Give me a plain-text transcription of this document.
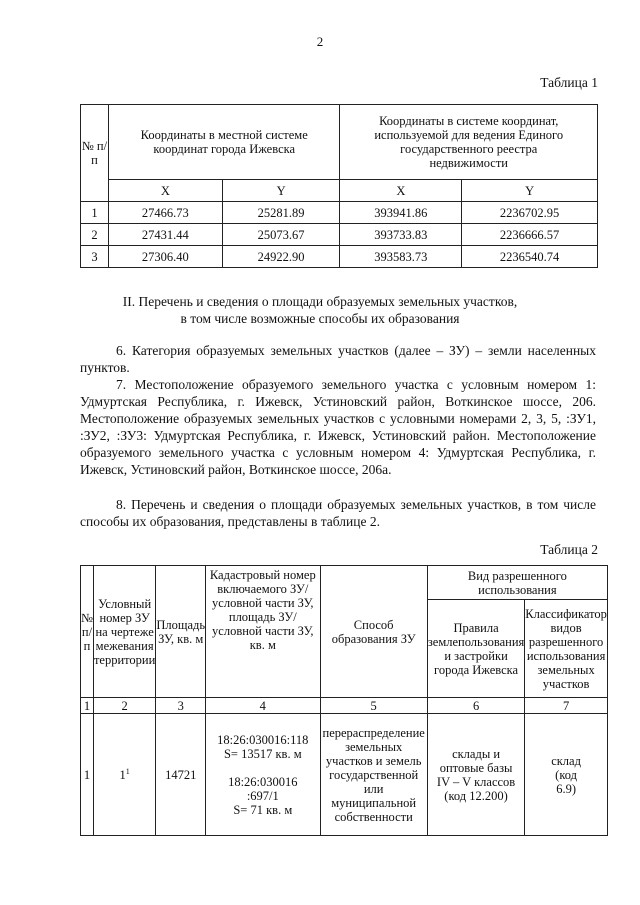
2
Таблица 1
№ п/п	Координаты в местной системе координат города Ижевска		Координаты в системе координат, используемой для ведения Единого государственного реестра недвижимости	
	X	Y	X	Y
1	27466.73	25281.89	393941.86	2236702.95
2	27431.44	25073.67	393733.83	2236666.57
3	27306.40	24922.90	393583.73	2236540.74
II. Перечень и сведения о площади образуемых земельных участков,
в том числе возможные способы их образования
6. Категория образуемых земельных участков (далее – ЗУ) – земли населенных пунктов.
7. Местоположение образуемого земельного участка с условным номером 1: Удмуртская Республика, г. Ижевск, Устиновский район, Воткинское шоссе, 206. Местоположение образуемых земельных участков с условными номерами 2, 3, 5, :ЗУ1, :ЗУ2, :ЗУ3: Удмуртская Республика, г. Ижевск, Устиновский район. Местоположение образуемого земельного участка с условным номером 4: Удмуртская Республика, г. Ижевск, Устиновский район, Воткинское шоссе, 206а.
8. Перечень и сведения о площади образуемых земельных участков, в том числе способы их образования, представлены в таблице 2.
Таблица 2
№ п/п	Условный номер ЗУ на чертеже межевания территории	Площадь ЗУ, кв. м	Кадастровый номер включаемого ЗУ/ условной части ЗУ, площадь ЗУ/ условной части ЗУ, кв. м	Способ образования ЗУ	Вид разрешенного использования	
					Правила землепользования и застройки города Ижевска	Классификатор видов разрешенного использования земельных участков
1	2	3	4	5	6	7
1	$1^1$	14721	18:26:030016:118
S= 13517 кв. м
18:26:030016 :697/1
S= 71 кв. м	перераспределение земельных участков и земель государственной или муниципальной собственности	склады и оптовые базы IV – V классов (код 12.200)	склад (код 6.9)
